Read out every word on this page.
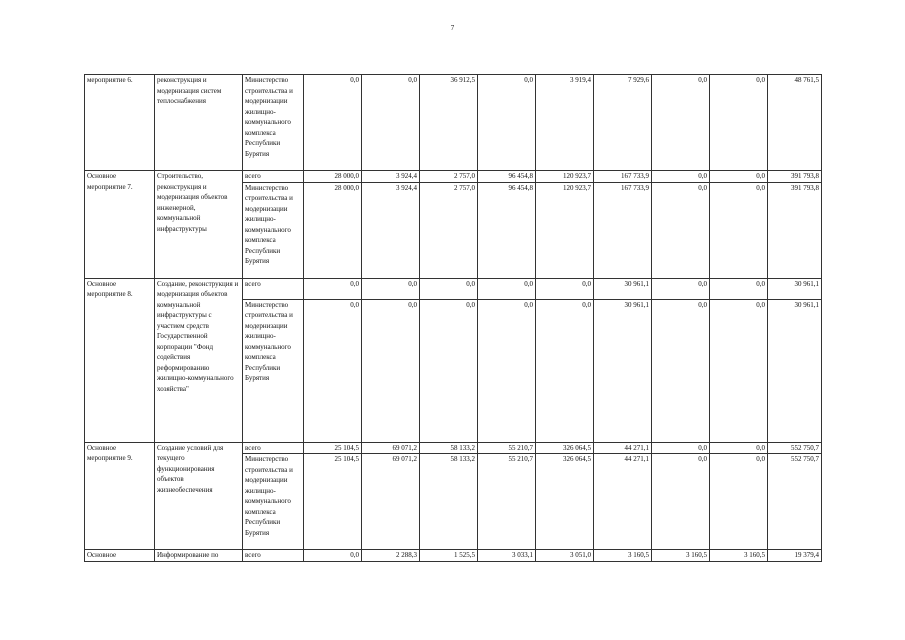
7
мероприятие 6.	реконструкция и модернизация систем теплоснабжения	Министерство строительства и модернизации жилищно-коммунального комплекса Республики Бурятия	0,0	0,0	36 912,5	0,0	3 919,4	7 929,6	0,0	0,0	48 761,5
Основное мероприятие 7.	Строительство, реконструкция и модернизация объектов инженерной, коммунальной инфраструктуры	всего	28 000,0	3 924,4	2 757,0	96 454,8	120 923,7	167 733,9	0,0	0,0	391 793,8
		Министерство строительства и модернизации жилищно-коммунального комплекса Республики Бурятия	28 000,0	3 924,4	2 757,0	96 454,8	120 923,7	167 733,9	0,0	0,0	391 793,8
Основное мероприятие 8.	Создание, реконструкция и модернизация объектов коммунальной инфраструктуры с участием средств Государственной корпорации "Фонд содействия реформированию жилищно-коммунального хозяйства"	всего	0,0	0,0	0,0	0,0	0,0	30 961,1	0,0	0,0	30 961,1
		Министерство строительства и модернизации жилищно-коммунального комплекса Республики Бурятия	0,0	0,0	0,0	0,0	0,0	30 961,1	0,0	0,0	30 961,1
Основное мероприятие 9.	Создание условий для текущего функционирования объектов жизнеобеспечения	всего	25 104,5	69 071,2	58 133,2	55 210,7	326 064,5	44 271,1	0,0	0,0	552 750,7
		Министерство строительства и модернизации жилищно-коммунального комплекса Республики Бурятия	25 104,5	69 071,2	58 133,2	55 210,7	326 064,5	44 271,1	0,0	0,0	552 750,7
Основное	Информирование по	всего	0,0	2 288,3	1 525,5	3 033,1	3 051,0	3 160,5	3 160,5	3 160,5	19 379,4
